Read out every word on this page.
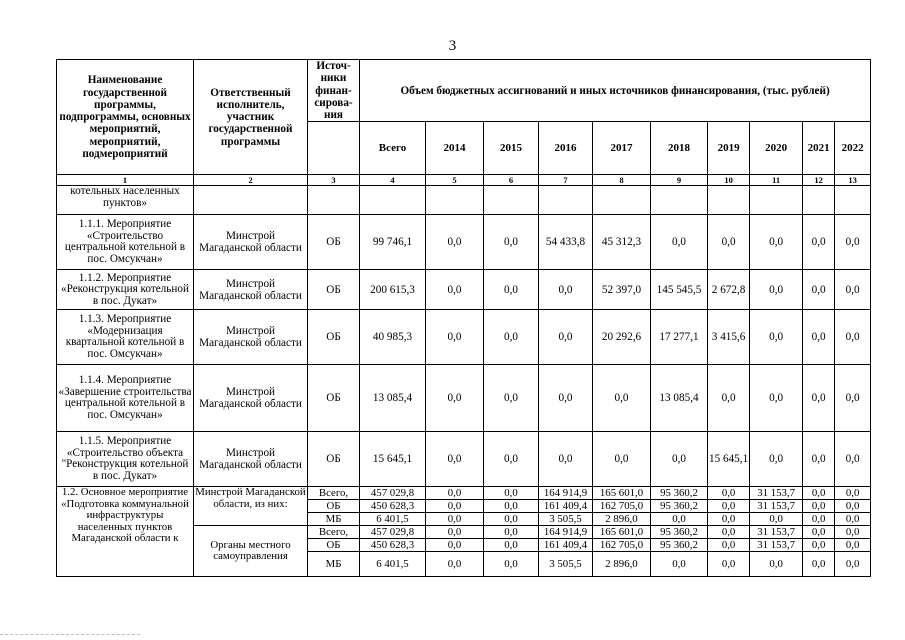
3
Наименование государственной программы, подпрограммы, основных мероприятий, мероприятий, подмероприятий	Ответственный исполнитель, участник государственной программы	Источ-ники финан-сирова-ния	Объем бюджетных ассигнований и иных источников финансирования, (тыс. рублей)									
			Всего	2014	2015	2016	2017	2018	2019	2020	2021	2022
1	2	3	4	5	6	7	8	9	10	11	12	13
котельных населенных пунктов»												
1.1.1. Мероприятие «Строительство центральной котельной в пос. Омсукчан»	Минстрой Магаданской области	ОБ	99 746,1	0,0	0,0	54 433,8	45 312,3	0,0	0,0	0,0	0,0	0,0
1.1.2. Мероприятие «Реконструкция котельной в пос. Дукат»	Минстрой Магаданской области	ОБ	200 615,3	0,0	0,0	0,0	52 397,0	145 545,5	2 672,8	0,0	0,0	0,0
1.1.3. Мероприятие «Модернизация квартальной котельной в пос. Омсукчан»	Минстрой Магаданской области	ОБ	40 985,3	0,0	0,0	0,0	20 292,6	17 277,1	3 415,6	0,0	0,0	0,0
1.1.4. Мероприятие «Завершение строительства центральной котельной в пос. Омсукчан»	Минстрой Магаданской области	ОБ	13 085,4	0,0	0,0	0,0	0,0	13 085,4	0,0	0,0	0,0	0,0
1.1.5. Мероприятие «Строительство объекта "Реконструкция котельной в пос. Дукат»	Минстрой Магаданской области	ОБ	15 645,1	0,0	0,0	0,0	0,0	0,0	15 645,1	0,0	0,0	0,0
1.2. Основное мероприятие «Подготовка коммунальной инфраструктуры населенных пунктов Магаданской области к	Минстрой Магаданской области, из них:	Всего,	457 029,8	0,0	0,0	164 914,9	165 601,0	95 360,2	0,0	31 153,7	0,0	0,0
		ОБ	450 628,3	0,0	0,0	161 409,4	162 705,0	95 360,2	0,0	31 153,7	0,0	0,0
		МБ	6 401,5	0,0	0,0	3 505,5	2 896,0	0,0	0,0	0,0	0,0	0,0
	Органы местного самоуправления	Всего,	457 029,8	0,0	0,0	164 914,9	165 601,0	95 360,2	0,0	31 153,7	0,0	0,0
		ОБ	450 628,3	0,0	0,0	161 409,4	162 705,0	95 360,2	0,0	31 153,7	0,0	0,0
		МБ	6 401,5	0,0	0,0	3 505,5	2 896,0	0,0	0,0	0,0	0,0	0,0
